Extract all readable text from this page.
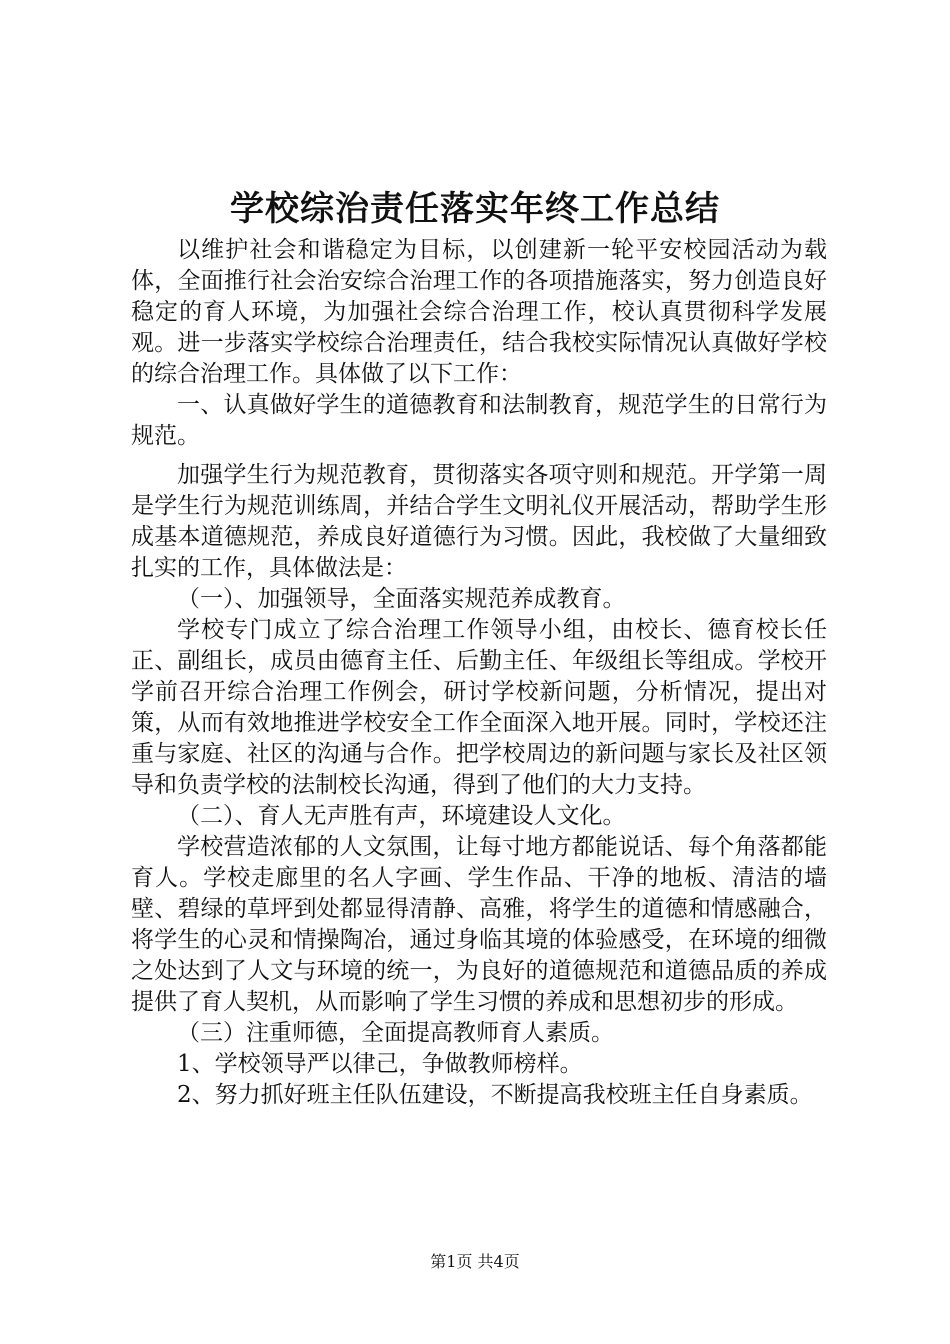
学校综治责任落实年终工作总结

以维护社会和谐稳定为目标，以创建新一轮平安校园活动为载体，全面推行社会治安综合治理工作的各项措施落实，努力创造良好稳定的育人环境，为加强社会综合治理工作，校认真贯彻科学发展观。进一步落实学校综合治理责任，结合我校实际情况认真做好学校的综合治理工作。具体做了以下工作：

一、认真做好学生的道德教育和法制教育，规范学生的日常行为规范。

加强学生行为规范教育，贯彻落实各项守则和规范。开学第一周是学生行为规范训练周，并结合学生文明礼仪开展活动，帮助学生形成基本道德规范，养成良好道德行为习惯。因此，我校做了大量细致扎实的工作，具体做法是：

（一）、加强领导，全面落实规范养成教育。

学校专门成立了综合治理工作领导小组，由校长、德育校长任正、副组长，成员由德育主任、后勤主任、年级组长等组成。学校开学前召开综合治理工作例会，研讨学校新问题，分析情况，提出对策，从而有效地推进学校安全工作全面深入地开展。同时，学校还注重与家庭、社区的沟通与合作。把学校周边的新问题与家长及社区领导和负责学校的法制校长沟通，得到了他们的大力支持。

（二）、育人无声胜有声，环境建设人文化。

学校营造浓郁的人文氛围，让每寸地方都能说话、每个角落都能育人。学校走廊里的名人字画、学生作品、干净的地板、清洁的墙壁、碧绿的草坪到处都显得清静、高雅，将学生的道德和情感融合，将学生的心灵和情操陶冶，通过身临其境的体验感受，在环境的细微之处达到了人文与环境的统一，为良好的道德规范和道德品质的养成提供了育人契机，从而影响了学生习惯的养成和思想初步的形成。

（三）注重师德，全面提高教师育人素质。

1、学校领导严以律己，争做教师榜样。

2、努力抓好班主任队伍建设，不断提高我校班主任自身素质。

第1页 共4页
